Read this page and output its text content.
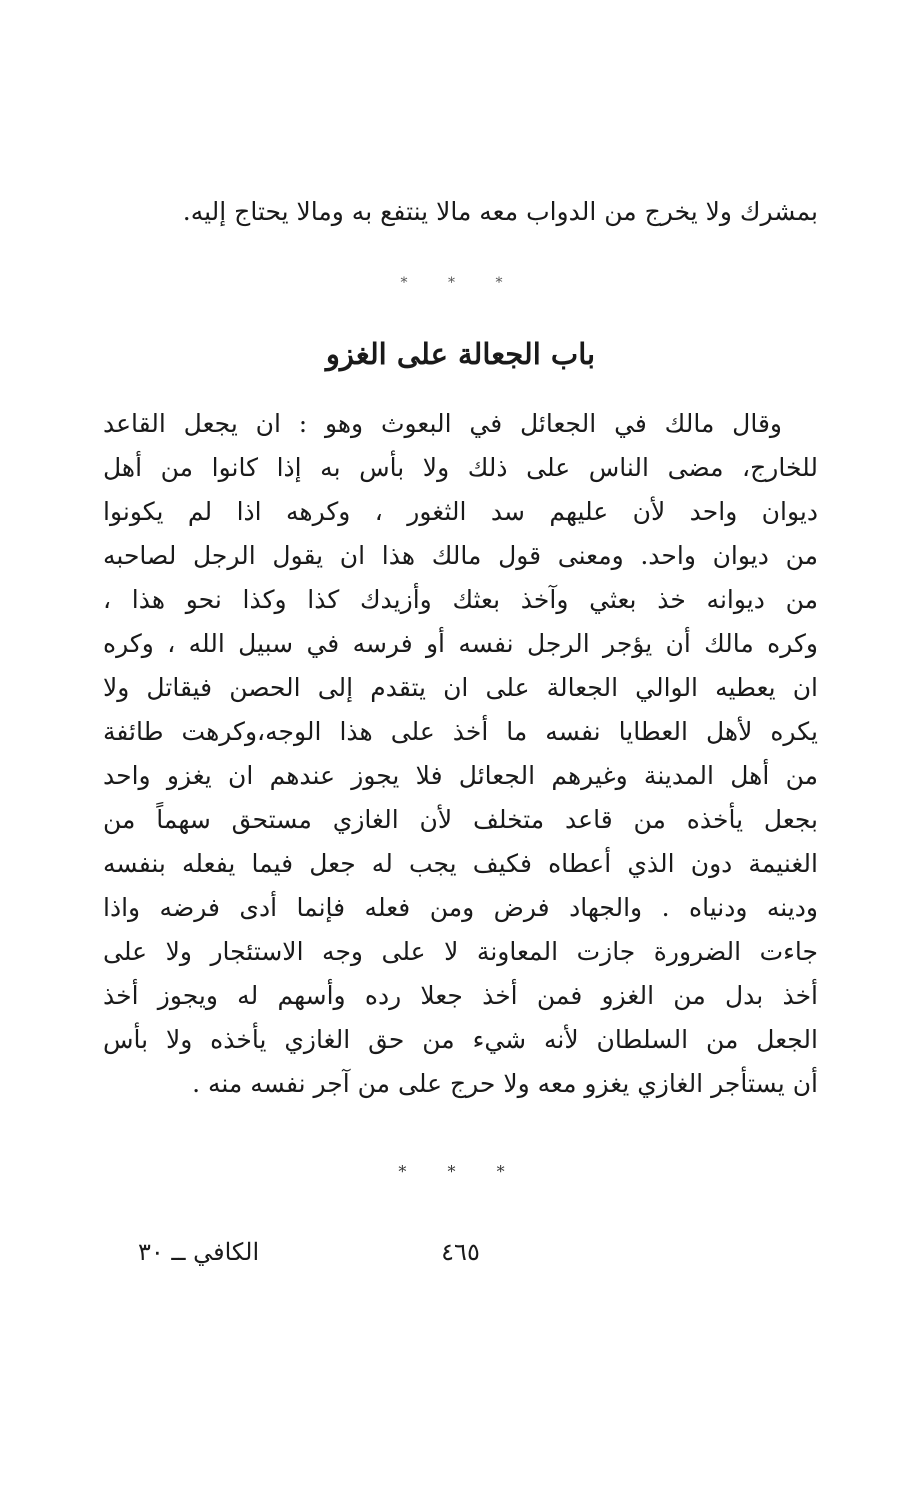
بمشرك ولا يخرج من الدواب معه مالا ينتفع به ومالا يحتاج إليه.
* * *
باب الجعالة على الغزو
وقال مالك في الجعائل في البعوث وهو : ان يجعل القاعد
للخارج، مضى الناس على ذلك ولا بأس به إذا كانوا من أهل
ديوان واحد لأن عليهم سد الثغور ، وكرهه اذا لم يكونوا
من ديوان واحد. ومعنى قول مالك هذا ان يقول الرجل لصاحبه
من ديوانه خذ بعثي وآخذ بعثك وأزيدك كذا وكذا نحو هذا ،
وكره مالك أن يؤجر الرجل نفسه أو فرسه في سبيل الله ، وكره
ان يعطيه الوالي الجعالة على ان يتقدم إلى الحصن فيقاتل ولا
يكره لأهل العطايا نفسه ما أخذ على هذا الوجه،وكرهت طائفة
من أهل المدينة وغيرهم الجعائل فلا يجوز عندهم ان يغزو واحد
بجعل يأخذه من قاعد متخلف لأن الغازي مستحق سهماً من
الغنيمة دون الذي أعطاه فكيف يجب له جعل فيما يفعله بنفسه
ودينه ودنياه . والجهاد فرض ومن فعله فإنما أدى فرضه واذا
جاءت الضرورة جازت المعاونة لا على وجه الاستئجار ولا على
أخذ بدل من الغزو فمن أخذ جعلا رده وأسهم له ويجوز أخذ
الجعل من السلطان لأنه شيء من حق الغازي يأخذه ولا بأس
أن يستأجر الغازي يغزو معه ولا حرج على من آجر نفسه منه .
* * *
٤٦٥
الكافي ــ ٣٠
